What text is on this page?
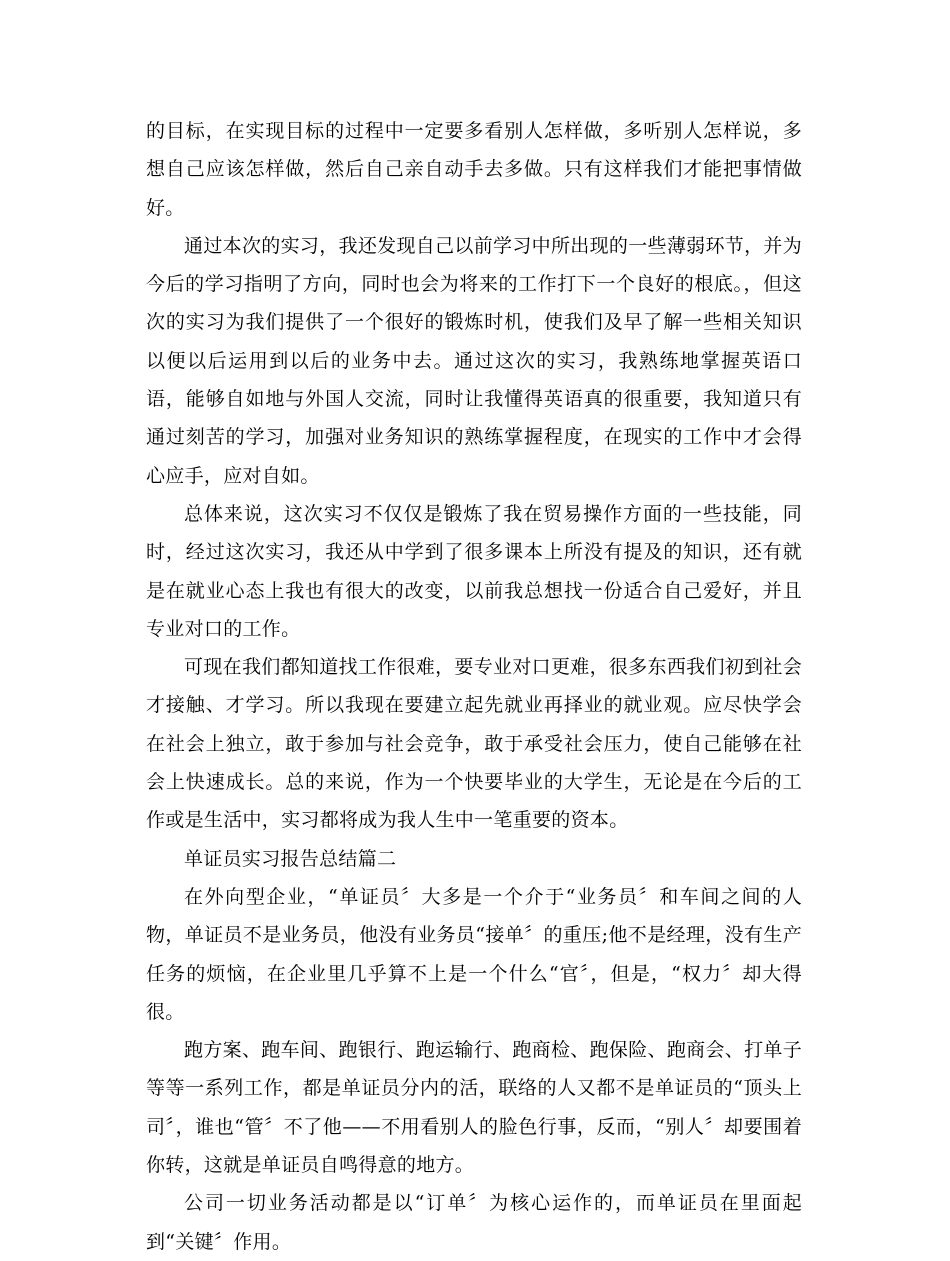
的目标，在实现目标的过程中一定要多看别人怎样做，多听别人怎样说，多想自己应该怎样做，然后自己亲自动手去多做。只有这样我们才能把事情做好。

通过本次的实习，我还发现自己以前学习中所出现的一些薄弱环节，并为今后的学习指明了方向，同时也会为将来的工作打下一个良好的根底。，但这次的实习为我们提供了一个很好的锻炼时机，使我们及早了解一些相关知识以便以后运用到以后的业务中去。通过这次的实习，我熟练地掌握英语口语，能够自如地与外国人交流，同时让我懂得英语真的很重要，我知道只有通过刻苦的学习，加强对业务知识的熟练掌握程度，在现实的工作中才会得心应手，应对自如。

总体来说，这次实习不仅仅是锻炼了我在贸易操作方面的一些技能，同时，经过这次实习，我还从中学到了很多课本上所没有提及的知识，还有就是在就业心态上我也有很大的改变，以前我总想找一份适合自己爱好，并且专业对口的工作。

可现在我们都知道找工作很难，要专业对口更难，很多东西我们初到社会才接触、才学习。所以我现在要建立起先就业再择业的就业观。应尽快学会在社会上独立，敢于参加与社会竞争，敢于承受社会压力，使自己能够在社会上快速成长。总的来说，作为一个快要毕业的大学生，无论是在今后的工作或是生活中，实习都将成为我人生中一笔重要的资本。

单证员实习报告总结篇二

在外向型企业，“单证员〞大多是一个介于“业务员〞和车间之间的人物，单证员不是业务员，他没有业务员“接单〞的重压;他不是经理，没有生产任务的烦恼，在企业里几乎算不上是一个什么“官〞，但是，“权力〞却大得很。

跑方案、跑车间、跑银行、跑运输行、跑商检、跑保险、跑商会、打单子等等一系列工作，都是单证员分内的活，联络的人又都不是单证员的“顶头上司〞，谁也“管〞不了他——不用看别人的脸色行事，反而，“别人〞却要围着你转，这就是单证员自鸣得意的地方。

公司一切业务活动都是以“订单〞为核心运作的，而单证员在里面起到“关键〞作用。
